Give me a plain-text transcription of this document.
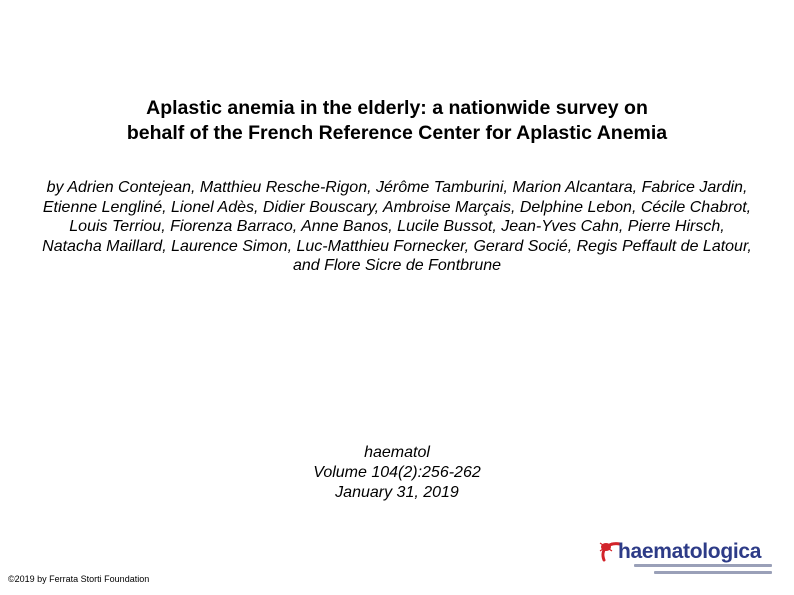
Aplastic anemia in the elderly: a nationwide survey on
behalf of the French Reference Center for Aplastic Anemia
by Adrien Contejean, Matthieu Resche-Rigon, Jérôme Tamburini, Marion Alcantara, Fabrice Jardin, Etienne Lengliné, Lionel Adès, Didier Bouscary, Ambroise Marçais, Delphine Lebon, Cécile Chabrot, Louis Terriou, Fiorenza Barraco, Anne Banos, Lucile Bussot, Jean-Yves Cahn, Pierre Hirsch, Natacha Maillard, Laurence Simon, Luc-Matthieu Fornecker, Gerard Socié, Regis Peffault de Latour, and Flore Sicre de Fontbrune
haematol
Volume 104(2):256-262
January 31, 2019
©2019 by Ferrata Storti Foundation
haematologica
